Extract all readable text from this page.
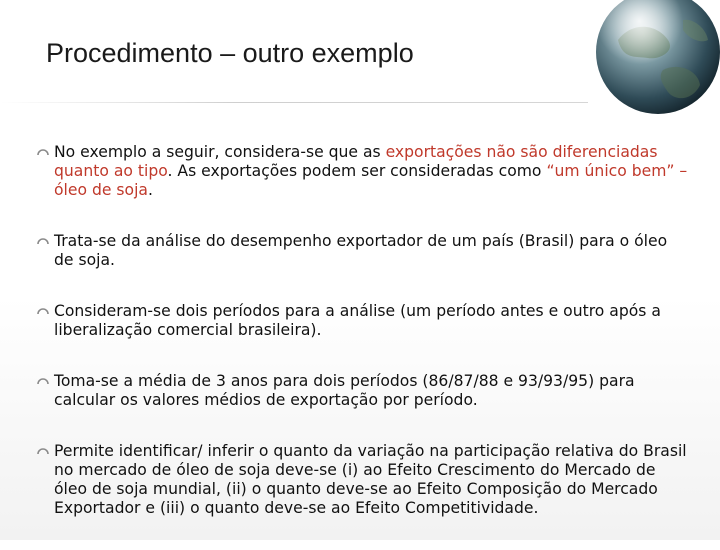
Procedimento – outro exemplo
No exemplo a seguir, considera-se que as exportações não são diferenciadas quanto ao tipo. As exportações podem ser consideradas como “um único bem” – óleo de soja.
Trata-se da análise do desempenho exportador de um país (Brasil) para o óleo de soja.
Consideram-se dois períodos para a análise (um período antes e outro após a liberalização comercial brasileira).
Toma-se a média de 3 anos para dois períodos (86/87/88 e 93/93/95) para calcular os valores médios de exportação por período.
Permite identificar/ inferir o quanto da variação na participação relativa do Brasil no mercado de óleo de soja deve-se (i) ao Efeito Crescimento do Mercado de óleo de soja mundial, (ii) o quanto deve-se ao Efeito Composição do Mercado Exportador e (iii) o quanto deve-se ao Efeito Competitividade.
